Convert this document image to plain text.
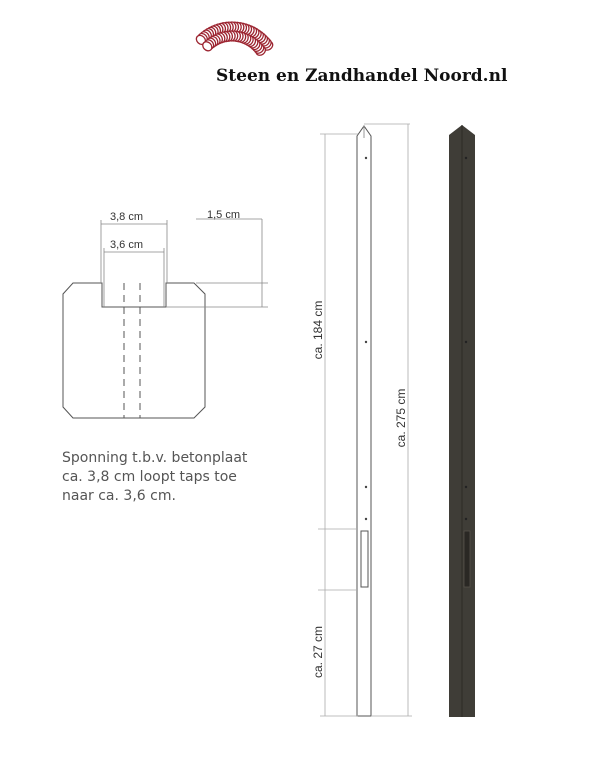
Steen en Zandhandel Noord.nl
3,8 cm
3,6 cm
1,5 cm
ca. 184 cm
ca. 275 cm
ca. 27 cm
Sponning t.b.v. betonplaat
ca. 3,8 cm loopt taps toe
naar ca. 3,6 cm.
